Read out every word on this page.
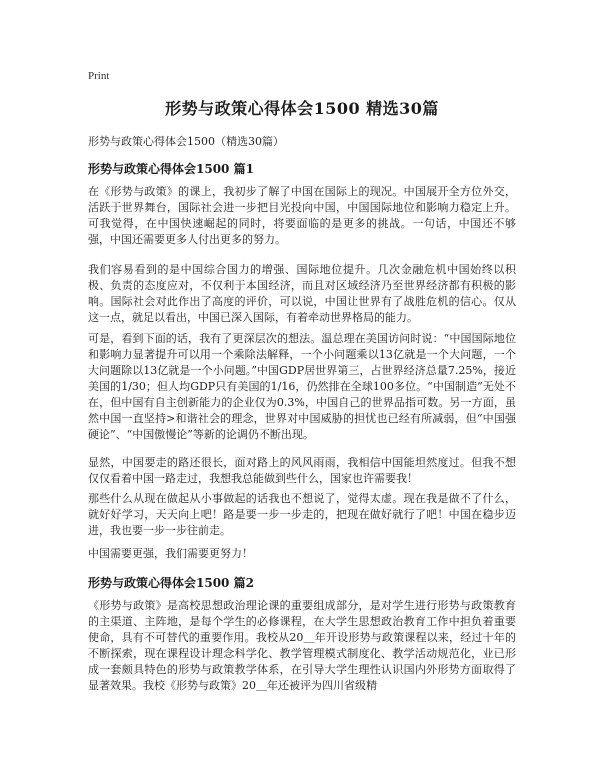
Print
形势与政策心得体会1500 精选30篇

形势与政策心得体会1500（精选30篇）

形势与政策心得体会1500 篇1

在《形势与政策》的课上，我初步了解了中国在国际上的现况。中国展开全方位外交，活跃于世界舞台，国际社会进一步把目光投向中国，中国国际地位和影响力稳定上升。可我觉得，在中国快速崛起的同时，将要面临的是更多的挑战。一句话，中国还不够强，中国还需要更多人付出更多的努力。

我们容易看到的是中国综合国力的增强、国际地位提升。几次金融危机中国始终以积极、负责的态度应对，不仅利于本国经济，而且对区域经济乃至世界经济都有积极的影响。国际社会对此作出了高度的评价，可以说，中国让世界有了战胜危机的信心。仅从这一点，就足以看出，中国已深入国际，有着牵动世界格局的能力。

可是，看到下面的话，我有了更深层次的想法。温总理在美国访问时说：“中国国际地位和影响力显著提升可以用一个乘除法解释，一个小问题乘以13亿就是一个大问题，一个大问题除以13亿就是一个小问题。”中国GDP居世界第三，占世界经济总量7.25%，接近美国的1/30；但人均GDP只有美国的1/16，仍然排在全球100多位。“中国制造”无处不在，但中国有自主创新能力的企业仅为0.3%，中国自己的世界品指可数。另一方面，虽然中国一直坚持>和谐社会的理念，世界对中国威胁的担忧也已经有所减弱，但“中国强硬论”、“中国傲慢论”等新的论调仍不断出现。

显然，中国要走的路还很长，面对路上的风风雨雨，我相信中国能坦然度过。但我不想仅仅看着中国一路走过，我想我总能做到些什么，国家也许需要我！

那些什么从现在做起从小事做起的话我也不想说了，觉得太虚。现在我是做不了什么，就好好学习，天天向上吧！路是要一步一步走的，把现在做好就行了吧！中国在稳步迈进，我也要一步一步往前走。

中国需要更强，我们需要更努力！

形势与政策心得体会1500 篇2

《形势与政策》是高校思想政治理论课的重要组成部分，是对学生进行形势与政策教育的主渠道、主阵地，是每个学生的必修课程，在大学生思想政治教育工作中担负着重要使命，具有不可替代的重要作用。我校从20＿年开设形势与政策课程以来，经过十年的不断探索，现在课程设计理念科学化、教学管理模式制度化、教学活动规范化，业已形成一套颇具特色的形势与政策教学体系，在引导大学生理性认识国内外形势方面取得了显著效果。我校《形势与政策》20＿年还被评为四川省级精
